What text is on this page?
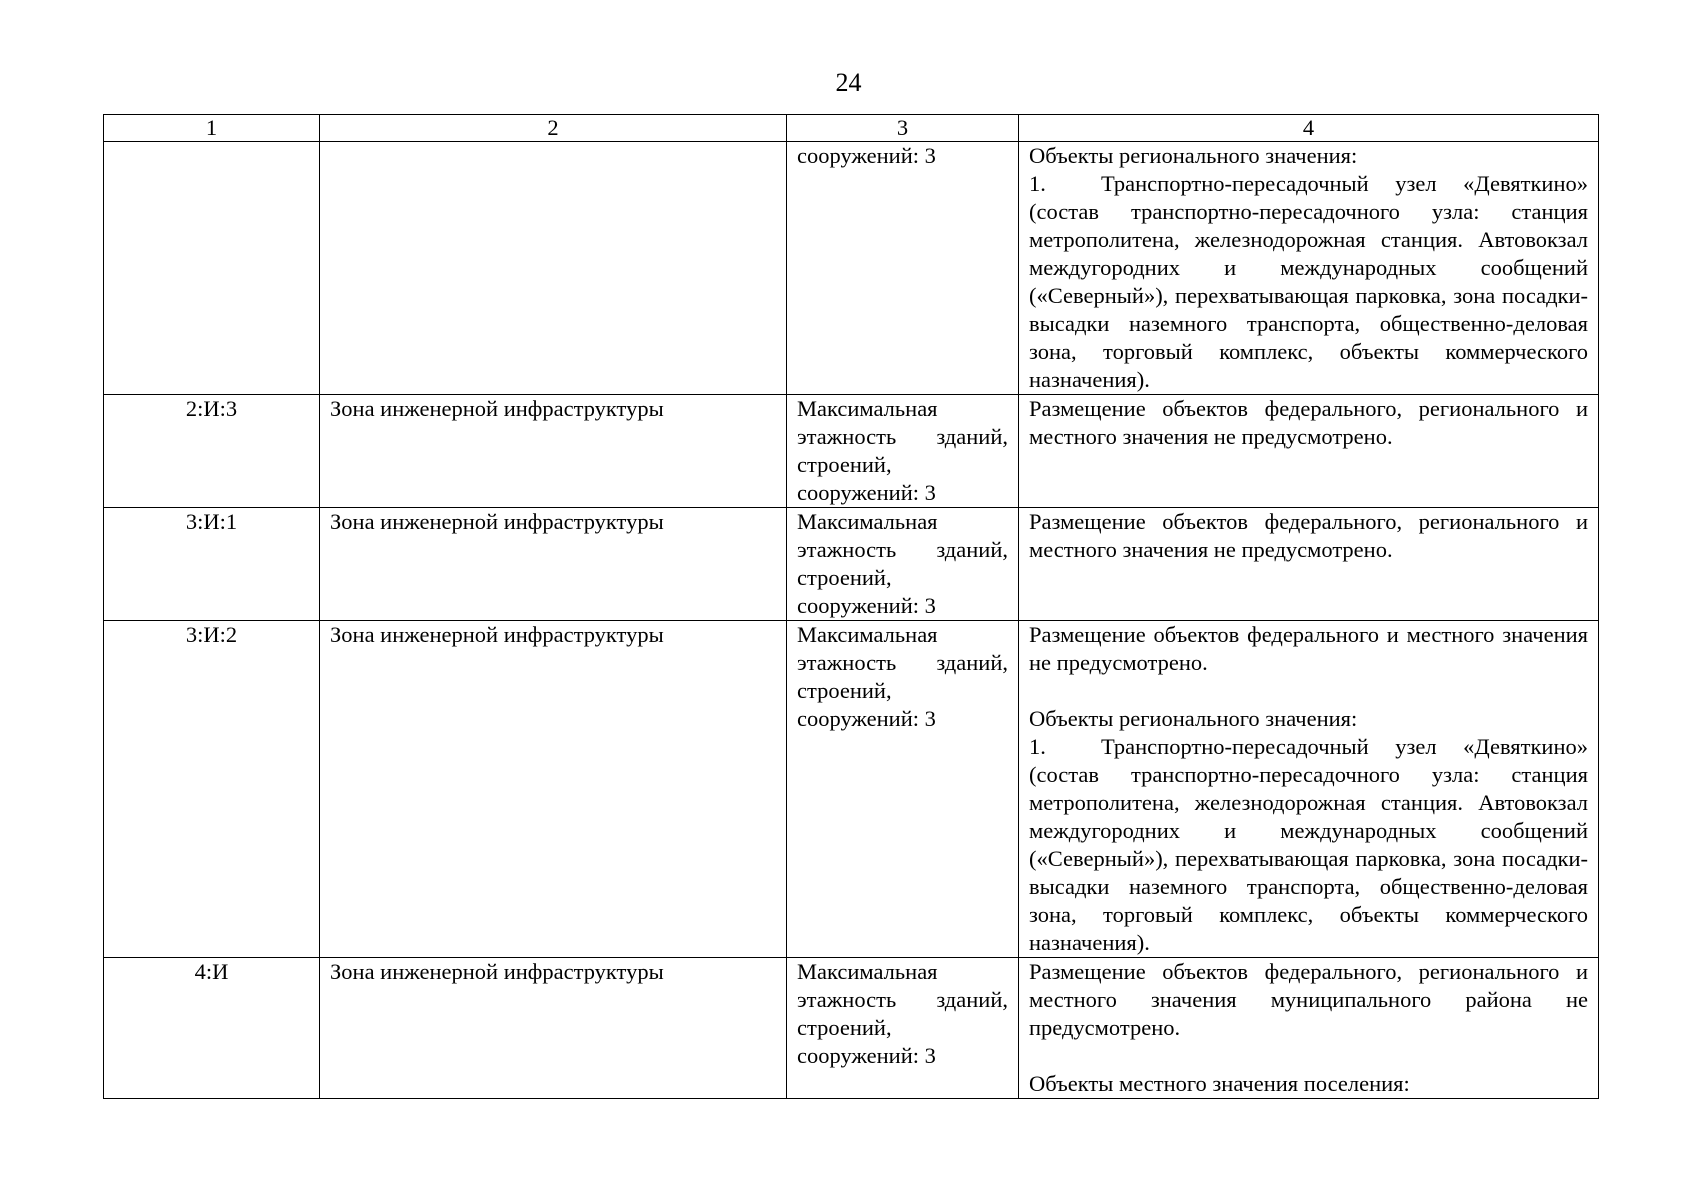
24
1	2	3	4

		сооружений: 3	Объекты регионального значения:

1. Транспортно-пересадочный узел «Девяткино» (состав транспортно-пересадочного узла: станция метрополитена, железнодорожная станция. Автовокзал междугородних и международных сообщений («Северный»), перехватывающая парковка, зона посадки-высадки наземного транспорта, общественно-деловая зона, торговый комплекс, объекты коммерческого назначения).

2:И:3	Зона инженерной инфраструктуры	Максимальная этажность зданий, строений, сооружений: 3	Размещение объектов федерального, регионального и местного значения не предусмотрено.

3:И:1	Зона инженерной инфраструктуры	Максимальная этажность зданий, строений, сооружений: 3	Размещение объектов федерального, регионального и местного значения не предусмотрено.

3:И:2	Зона инженерной инфраструктуры	Максимальная этажность зданий, строений, сооружений: 3	Размещение объектов федерального и местного значения не предусмотрено.

Объекты регионального значения:

1. Транспортно-пересадочный узел «Девяткино» (состав транспортно-пересадочного узла: станция метрополитена, железнодорожная станция. Автовокзал междугородних и международных сообщений («Северный»), перехватывающая парковка, зона посадки-высадки наземного транспорта, общественно-деловая зона, торговый комплекс, объекты коммерческого назначения).

4:И	Зона инженерной инфраструктуры	Максимальная этажность зданий, строений, сооружений: 3	Размещение объектов федерального, регионального и местного значения муниципального района не предусмотрено.

Объекты местного значения поселения:
